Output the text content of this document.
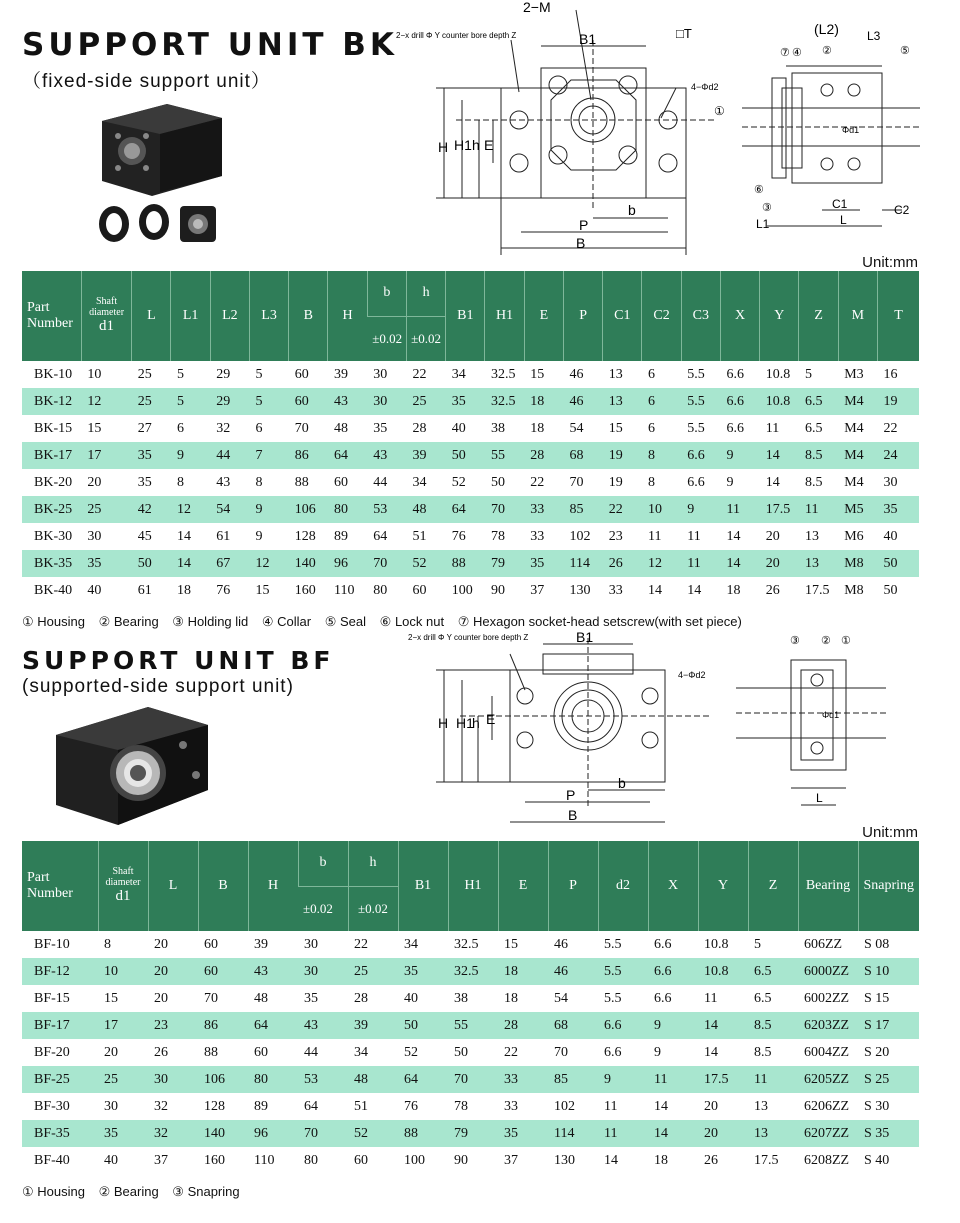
SUPPORT UNIT BK
（fixed-side support unit）
2−M
2−x drill Φ Y counter bore depth Z	□T
B1
4−Φd2
①
H H1 h E
b
P
B
(L2) L3
⑦ ④ ②	⑤
Φd1
⑥
③	C1	C2
L
L1
Unit:mm
Part Number	Shaft diameter
d1	L	L1	L2	L3	B	H	b	h	B1	H1	E	P	C1	C2	C3	X	Y	Z	M	T
								±0.02	±0.02												
BK-10	10	25	5	29	5	60	39	30	22	34	32.5	15	46	13	6	5.5	6.6	10.8	5	M3	16
BK-12	12	25	5	29	5	60	43	30	25	35	32.5	18	46	13	6	5.5	6.6	10.8	6.5	M4	19
BK-15	15	27	6	32	6	70	48	35	28	40	38	18	54	15	6	5.5	6.6	11	6.5	M4	22
BK-17	17	35	9	44	7	86	64	43	39	50	55	28	68	19	8	6.6	9	14	8.5	M4	24
BK-20	20	35	8	43	8	88	60	44	34	52	50	22	70	19	8	6.6	9	14	8.5	M4	30
BK-25	25	42	12	54	9	106	80	53	48	64	70	33	85	22	10	9	11	17.5	11	M5	35
BK-30	30	45	14	61	9	128	89	64	51	76	78	33	102	23	11	11	14	20	13	M6	40
BK-35	35	50	14	67	12	140	96	70	52	88	79	35	114	26	12	11	14	20	13	M8	50
BK-40	40	61	18	76	15	160	110	80	60	100	90	37	130	33	14	14	18	26	17.5	M8	50
① Housing ② Bearing ③ Holding lid ④ Collar ⑤ Seal ⑥ Lock nut ⑦ Hexagon socket-head setscrew(with set piece)
SUPPORT UNIT BF
(supported-side support unit)
2−x drill Φ Y counter bore depth Z	B1
4−Φd2
H H1
h E
b
P
B
③ ② ①
Φd1
L
Unit:mm
Part Number	Shaft diameter
d1	L	B	H	b	h	B1	H1	E	P	d2	X	Y	Z	Bearing	Snapring
					±0.02	±0.02										
BF-10	8	20	60	39	30	22	34	32.5	15	46	5.5	6.6	10.8	5	606ZZ	S 08
BF-12	10	20	60	43	30	25	35	32.5	18	46	5.5	6.6	10.8	6.5	6000ZZ	S 10
BF-15	15	20	70	48	35	28	40	38	18	54	5.5	6.6	11	6.5	6002ZZ	S 15
BF-17	17	23	86	64	43	39	50	55	28	68	6.6	9	14	8.5	6203ZZ	S 17
BF-20	20	26	88	60	44	34	52	50	22	70	6.6	9	14	8.5	6004ZZ	S 20
BF-25	25	30	106	80	53	48	64	70	33	85	9	11	17.5	11	6205ZZ	S 25
BF-30	30	32	128	89	64	51	76	78	33	102	11	14	20	13	6206ZZ	S 30
BF-35	35	32	140	96	70	52	88	79	35	114	11	14	20	13	6207ZZ	S 35
BF-40	40	37	160	110	80	60	100	90	37	130	14	18	26	17.5	6208ZZ	S 40
① Housing ② Bearing ③ Snapring
